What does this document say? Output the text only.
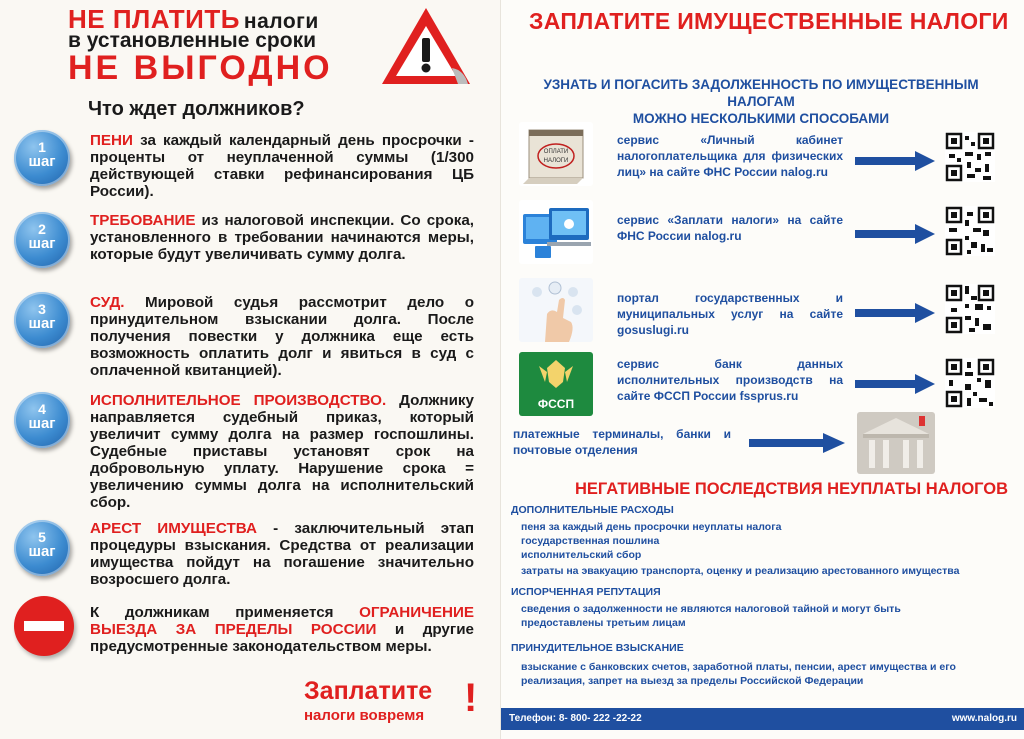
НЕ ПЛАТИТЬ налоги
в установленные сроки
НЕ ВЫГОДНО
Что ждет должников?
1
шаг
ПЕНИ за каждый календарный день просрочки - проценты от неуплаченной суммы (1/300 действующей ставки рефинансирования ЦБ России).
2
шаг
ТРЕБОВАНИЕ из налоговой инспекции. Со срока, установленного в требовании начинаются меры, которые будут увеличивать сумму долга.
3
шаг
СУД. Мировой судья рассмотрит дело о принудительном взыскании долга. После получения повестки у должника еще есть возможность оплатить долг и явиться в суд с оплаченной квитанцией).
4
шаг
ИСПОЛНИТЕЛЬНОЕ ПРОИЗВОДСТВО. Должнику направляется судебный приказ, который увеличит сумму долга на размер госпошлины. Судебные приставы установят срок на добровольную уплату. Нарушение срока = увеличению суммы долга на исполнительский сбор.
5
шаг
АРЕСТ ИМУЩЕСТВА - заключительный этап процедуры взыскания. Средства от реализации имущества пойдут на погашение значительно возросшего долга.
К должникам применяется ОГРАНИЧЕНИЕ ВЫЕЗДА ЗА ПРЕДЕЛЫ РОССИИ и другие предусмотренные законодательством меры.
Заплатите
налоги вовремя !
ЗАПЛАТИТЕ ИМУЩЕСТВЕННЫЕ НАЛОГИ
УЗНАТЬ И ПОГАСИТЬ ЗАДОЛЖЕННОСТЬ ПО ИМУЩЕСТВЕННЫМ НАЛОГАМ
МОЖНО НЕСКОЛЬКИМИ СПОСОБАМИ
ОПЛАТИ
НАЛОГИ
сервис «Личный кабинет налогоплательщика для физических лиц» на сайте ФНС России nalog.ru
сервис «Заплати налоги» на сайте ФНС России nalog.ru
портал государственных и муниципальных услуг на сайте gosuslugi.ru
ФССП
сервис банк данных исполнительных производств на сайте ФССП России fssprus.ru
платежные терминалы, банки и почтовые отделения
НЕГАТИВНЫЕ ПОСЛЕДСТВИЯ НЕУПЛАТЫ НАЛОГОВ
ДОПОЛНИТЕЛЬНЫЕ РАСХОДЫ
пеня за каждый день просрочки неуплаты налога
государственная пошлина
исполнительский сбор
затраты на эвакуацию транспорта, оценку и реализацию арестованного имущества
ИСПОРЧЕННАЯ РЕПУТАЦИЯ
сведения о задолженности не являются налоговой тайной и могут быть предоставлены третьим лицам
ПРИНУДИТЕЛЬНОЕ ВЗЫСКАНИЕ
взыскание с банковских счетов, заработной платы, пенсии, арест имущества и его реализация, запрет на выезд за пределы Российской Федерации
Телефон: 8- 800- 222 -22-22	www.nalog.ru
